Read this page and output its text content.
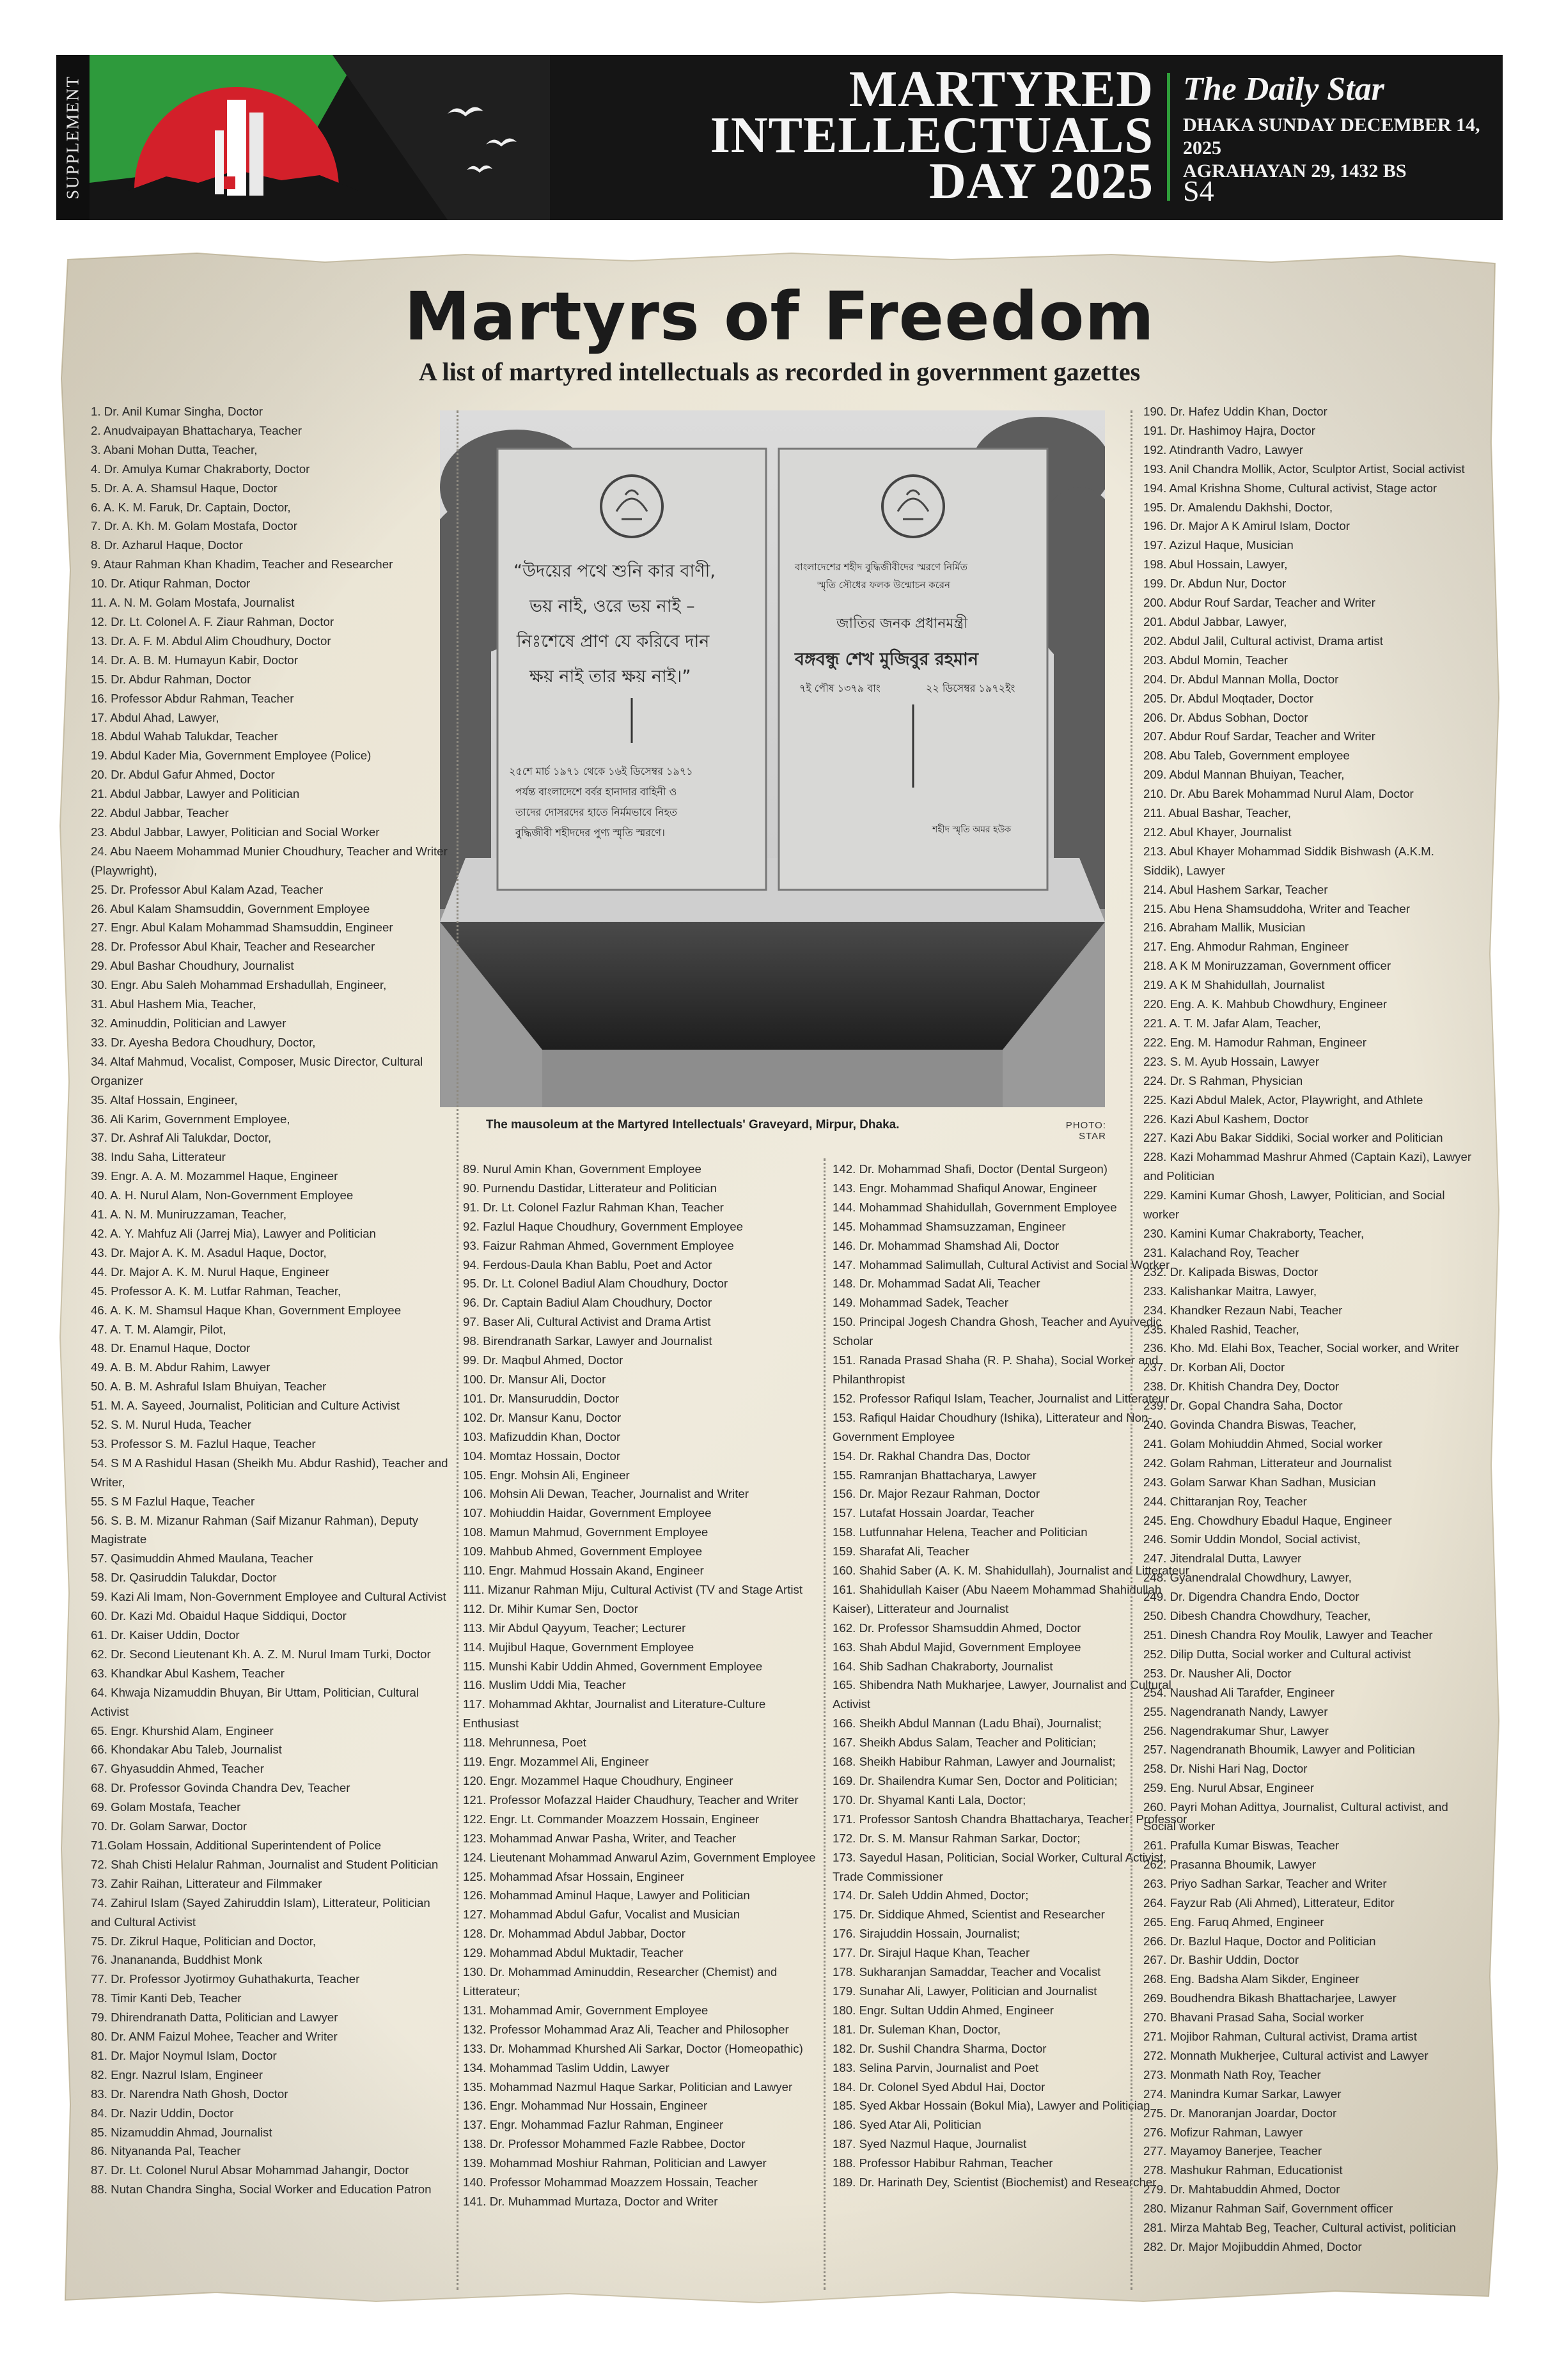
SUPPLEMENT	MARTYRED
INTELLECTUALS
DAY 2025
The Daily Star
DHAKA SUNDAY DECEMBER 14, 2025
AGRAHAYAN 29, 1432 BS
S4
Martyrs of Freedom
A list of martyred intellectuals as recorded in government gazettes
“উদয়ের পথে শুনি কার বাণী,
ভয় নাই, ওরে ভয় নাই –
নিঃশেষে প্রাণ যে করিবে দান
ক্ষয় নাই তার ক্ষয় নাই।”
২৫শে মার্চ ১৯৭১ থেকে ১৬ই ডিসেম্বর ১৯৭১
পর্যন্ত বাংলাদেশে বর্বর হানাদার বাহিনী ও
তাদের দোসরদের হাতে নির্মমভাবে নিহত
বুদ্ধিজীবী শহীদদের পুণ্য স্মৃতি স্মরণে।
বাংলাদেশের শহীদ বুদ্ধিজীবীদের স্মরণে নির্মিত
স্মৃতি সৌধের ফলক উন্মোচন করেন
জাতির জনক প্রধানমন্ত্রী
বঙ্গবন্ধু শেখ মুজিবুর রহমান
৭ই পৌষ ১৩৭৯ বাং	২২ ডিসেম্বর ১৯৭২ইং
শহীদ স্মৃতি অমর হউক
The mausoleum at the Martyred Intellectuals' Graveyard, Mirpur, Dhaka.	PHOTO: STAR
1. Dr. Anil Kumar Singha, Doctor
2. Anudvaipayan Bhattacharya, Teacher
3. Abani Mohan Dutta, Teacher,
4. Dr. Amulya Kumar Chakraborty, Doctor
5. Dr. A. A. Shamsul Haque, Doctor
6. A. K. M. Faruk, Dr. Captain, Doctor,
7. Dr. A. Kh. M. Golam Mostafa, Doctor
8. Dr. Azharul Haque, Doctor
9. Ataur Rahman Khan Khadim, Teacher and Researcher
10. Dr. Atiqur Rahman, Doctor
11. A. N. M. Golam Mostafa, Journalist
12. Dr. Lt. Colonel A. F. Ziaur Rahman, Doctor
13. Dr. A. F. M. Abdul Alim Choudhury, Doctor
14. Dr. A. B. M. Humayun Kabir, Doctor
15. Dr. Abdur Rahman, Doctor
16. Professor Abdur Rahman, Teacher
17. Abdul Ahad, Lawyer,
18. Abdul Wahab Talukdar, Teacher
19. Abdul Kader Mia, Government Employee (Police)
20. Dr. Abdul Gafur Ahmed, Doctor
21. Abdul Jabbar, Lawyer and Politician
22. Abdul Jabbar, Teacher
23. Abdul Jabbar, Lawyer, Politician and Social Worker
24. Abu Naeem Mohammad Munier Choudhury, Teacher and Writer (Playwright),
25. Dr. Professor Abul Kalam Azad, Teacher
26. Abul Kalam Shamsuddin, Government Employee
27. Engr. Abul Kalam Mohammad Shamsuddin, Engineer
28. Dr. Professor Abul Khair, Teacher and Researcher
29. Abul Bashar Choudhury, Journalist
30. Engr. Abu Saleh Mohammad Ershadullah, Engineer,
31. Abul Hashem Mia, Teacher,
32. Aminuddin, Politician and Lawyer
33. Dr. Ayesha Bedora Choudhury, Doctor,
34. Altaf Mahmud, Vocalist, Composer, Music Director, Cultural Organizer
35. Altaf Hossain, Engineer,
36. Ali Karim, Government Employee,
37. Dr. Ashraf Ali Talukdar, Doctor,
38. Indu Saha, Litterateur
39. Engr. A. A. M. Mozammel Haque, Engineer
40. A. H. Nurul Alam, Non-Government Employee
41. A. N. M. Muniruzzaman, Teacher,
42. A. Y. Mahfuz Ali (Jarrej Mia), Lawyer and Politician
43. Dr. Major A. K. M. Asadul Haque, Doctor,
44. Dr. Major A. K. M. Nurul Haque, Engineer
45. Professor A. K. M. Lutfar Rahman, Teacher,
46. A. K. M. Shamsul Haque Khan, Government Employee
47. A. T. M. Alamgir, Pilot,
48. Dr. Enamul Haque, Doctor
49. A. B. M. Abdur Rahim, Lawyer
50. A. B. M. Ashraful Islam Bhuiyan, Teacher
51. M. A. Sayeed, Journalist, Politician and Culture Activist
52. S. M. Nurul Huda, Teacher
53. Professor S. M. Fazlul Haque, Teacher
54. S M A Rashidul Hasan (Sheikh Mu. Abdur Rashid), Teacher and Writer,
55. S M Fazlul Haque, Teacher
56. S. B. M. Mizanur Rahman (Saif Mizanur Rahman), Deputy Magistrate
57. Qasimuddin Ahmed Maulana, Teacher
58. Dr. Qasiruddin Talukdar, Doctor
59. Kazi Ali Imam, Non-Government Employee and Cultural Activist
60. Dr. Kazi Md. Obaidul Haque Siddiqui, Doctor
61. Dr. Kaiser Uddin, Doctor
62. Dr. Second Lieutenant Kh. A. Z. M. Nurul Imam Turki, Doctor
63. Khandkar Abul Kashem, Teacher
64. Khwaja Nizamuddin Bhuyan, Bir Uttam, Politician, Cultural Activist
65. Engr. Khurshid Alam, Engineer
66. Khondakar Abu Taleb, Journalist
67. Ghyasuddin Ahmed, Teacher
68. Dr. Professor Govinda Chandra Dev, Teacher
69. Golam Mostafa, Teacher
70. Dr. Golam Sarwar, Doctor
71.Golam Hossain, Additional Superintendent of Police
72. Shah Chisti Helalur Rahman, Journalist and Student Politician
73. Zahir Raihan, Litterateur and Filmmaker
74. Zahirul Islam (Sayed Zahiruddin Islam), Litterateur, Politician and Cultural Activist
75. Dr. Zikrul Haque, Politician and Doctor,
76. Jnanananda, Buddhist Monk
77. Dr. Professor Jyotirmoy Guhathakurta, Teacher
78. Timir Kanti Deb, Teacher
79. Dhirendranath Datta, Politician and Lawyer
80. Dr. ANM Faizul Mohee, Teacher and Writer
81. Dr. Major Noymul Islam, Doctor
82. Engr. Nazrul Islam, Engineer
83. Dr. Narendra Nath Ghosh, Doctor
84. Dr. Nazir Uddin, Doctor
85. Nizamuddin Ahmad, Journalist
86. Nityananda Pal, Teacher
87. Dr. Lt. Colonel Nurul Absar Mohammad Jahangir, Doctor
88. Nutan Chandra Singha, Social Worker and Education Patron
89. Nurul Amin Khan, Government Employee
90. Purnendu Dastidar, Litterateur and Politician
91. Dr. Lt. Colonel Fazlur Rahman Khan, Teacher
92. Fazlul Haque Choudhury, Government Employee
93. Faizur Rahman Ahmed, Government Employee
94. Ferdous-Daula Khan Bablu, Poet and Actor
95. Dr. Lt. Colonel Badiul Alam Choudhury, Doctor
96. Dr. Captain Badiul Alam Choudhury, Doctor
97. Baser Ali, Cultural Activist and Drama Artist
98. Birendranath Sarkar, Lawyer and Journalist
99. Dr. Maqbul Ahmed, Doctor
100. Dr. Mansur Ali, Doctor
101. Dr. Mansuruddin, Doctor
102. Dr. Mansur Kanu, Doctor
103. Mafizuddin Khan, Doctor
104. Momtaz Hossain, Doctor
105. Engr. Mohsin Ali, Engineer
106. Mohsin Ali Dewan, Teacher, Journalist and Writer
107. Mohiuddin Haidar, Government Employee
108. Mamun Mahmud, Government Employee
109. Mahbub Ahmed, Government Employee
110. Engr. Mahmud Hossain Akand, Engineer
111. Mizanur Rahman Miju, Cultural Activist (TV and Stage Artist
112. Dr. Mihir Kumar Sen, Doctor
113. Mir Abdul Qayyum, Teacher; Lecturer
114. Mujibul Haque, Government Employee
115. Munshi Kabir Uddin Ahmed, Government Employee
116. Muslim Uddi Mia, Teacher
117. Mohammad Akhtar, Journalist and Literature-Culture Enthusiast
118. Mehrunnesa, Poet
119. Engr. Mozammel Ali, Engineer
120. Engr. Mozammel Haque Choudhury, Engineer
121. Professor Mofazzal Haider Chaudhury, Teacher and Writer
122. Engr. Lt. Commander Moazzem Hossain, Engineer
123. Mohammad Anwar Pasha, Writer, and Teacher
124. Lieutenant Mohammad Anwarul Azim, Government Employee
125. Mohammad Afsar Hossain, Engineer
126. Mohammad Aminul Haque, Lawyer and Politician
127. Mohammad Abdul Gafur, Vocalist and Musician
128. Dr. Mohammad Abdul Jabbar, Doctor
129. Mohammad Abdul Muktadir, Teacher
130. Dr. Mohammad Aminuddin, Researcher (Chemist) and Litterateur;
131. Mohammad Amir, Government Employee
132. Professor Mohammad Araz Ali, Teacher and Philosopher
133. Dr. Mohammad Khurshed Ali Sarkar, Doctor (Homeopathic)
134. Mohammad Taslim Uddin, Lawyer
135. Mohammad Nazmul Haque Sarkar, Politician and Lawyer
136. Engr. Mohammad Nur Hossain, Engineer
137. Engr. Mohammad Fazlur Rahman, Engineer
138. Dr. Professor Mohammed Fazle Rabbee, Doctor
139. Mohammad Moshiur Rahman, Politician and Lawyer
140. Professor Mohammad Moazzem Hossain, Teacher
141. Dr. Muhammad Murtaza, Doctor and Writer
142. Dr. Mohammad Shafi, Doctor (Dental Surgeon)
143. Engr. Mohammad Shafiqul Anowar, Engineer
144. Mohammad Shahidullah, Government Employee
145. Mohammad Shamsuzzaman, Engineer
146. Dr. Mohammad Shamshad Ali, Doctor
147. Mohammad Salimullah, Cultural Activist and Social Worker
148. Dr. Mohammad Sadat Ali, Teacher
149. Mohammad Sadek, Teacher
150. Principal Jogesh Chandra Ghosh, Teacher and Ayurvedic Scholar
151. Ranada Prasad Shaha (R. P. Shaha), Social Worker and Philanthropist
152. Professor Rafiqul Islam, Teacher, Journalist and Litterateur
153. Rafiqul Haidar Choudhury (Ishika), Litterateur and Non-Government Employee
154. Dr. Rakhal Chandra Das, Doctor
155. Ramranjan Bhattacharya, Lawyer
156. Dr. Major Rezaur Rahman, Doctor
157. Lutafat Hossain Joardar, Teacher
158. Lutfunnahar Helena, Teacher and Politician
159. Sharafat Ali, Teacher
160. Shahid Saber (A. K. M. Shahidullah), Journalist and Litterateur
161. Shahidullah Kaiser (Abu Naeem Mohammad Shahidullah Kaiser), Litterateur and Journalist
162. Dr. Professor Shamsuddin Ahmed, Doctor
163. Shah Abdul Majid, Government Employee
164. Shib Sadhan Chakraborty, Journalist
165. Shibendra Nath Mukharjee, Lawyer, Journalist and Cultural Activist
166. Sheikh Abdul Mannan (Ladu Bhai), Journalist;
167. Sheikh Abdus Salam, Teacher and Politician;
168. Sheikh Habibur Rahman, Lawyer and Journalist;
169. Dr. Shailendra Kumar Sen, Doctor and Politician;
170. Dr. Shyamal Kanti Lala, Doctor;
171. Professor Santosh Chandra Bhattacharya, Teacher; Professor
172. Dr. S. M. Mansur Rahman Sarkar, Doctor;
173. Sayedul Hasan, Politician, Social Worker, Cultural Activist, Trade Commissioner
174. Dr. Saleh Uddin Ahmed, Doctor;
175. Dr. Siddique Ahmed, Scientist and Researcher
176. Sirajuddin Hossain, Journalist;
177. Dr. Sirajul Haque Khan, Teacher
178. Sukharanjan Samaddar, Teacher and Vocalist
179. Sunahar Ali, Lawyer, Politician and Journalist
180. Engr. Sultan Uddin Ahmed, Engineer
181. Dr. Suleman Khan, Doctor,
182. Dr. Sushil Chandra Sharma, Doctor
183. Selina Parvin, Journalist and Poet
184. Dr. Colonel Syed Abdul Hai, Doctor
185. Syed Akbar Hossain (Bokul Mia), Lawyer and Politician
186. Syed Atar Ali, Politician
187. Syed Nazmul Haque, Journalist
188. Professor Habibur Rahman, Teacher
189. Dr. Harinath Dey, Scientist (Biochemist) and Researcher
190. Dr. Hafez Uddin Khan, Doctor
191. Dr. Hashimoy Hajra, Doctor
192. Atindranth Vadro, Lawyer
193. Anil Chandra Mollik, Actor, Sculptor Artist, Social activist
194. Amal Krishna Shome, Cultural activist, Stage actor
195. Dr. Amalendu Dakhshi, Doctor,
196. Dr. Major A K Amirul Islam, Doctor
197. Azizul Haque, Musician
198. Abul Hossain, Lawyer,
199. Dr. Abdun Nur, Doctor
200. Abdur Rouf Sardar, Teacher and Writer
201. Abdul Jabbar, Lawyer,
202. Abdul Jalil, Cultural activist, Drama artist
203. Abdul Momin, Teacher
204. Dr. Abdul Mannan Molla, Doctor
205. Dr. Abdul Moqtader, Doctor
206. Dr. Abdus Sobhan, Doctor
207. Abdur Rouf Sardar, Teacher and Writer
208. Abu Taleb, Government employee
209. Abdul Mannan Bhuiyan, Teacher,
210. Dr. Abu Barek Mohammad Nurul Alam, Doctor
211. Abual Bashar, Teacher,
212. Abul Khayer, Journalist
213. Abul Khayer Mohammad Siddik Bishwash (A.K.M. Siddik), Lawyer
214. Abul Hashem Sarkar, Teacher
215. Abu Hena Shamsuddoha, Writer and Teacher
216. Abraham Mallik, Musician
217. Eng. Ahmodur Rahman, Engineer
218. A K M Moniruzzaman, Government officer
219. A K M Shahidullah, Journalist
220. Eng. A. K. Mahbub Chowdhury, Engineer
221. A. T. M. Jafar Alam, Teacher,
222. Eng. M. Hamodur Rahman, Engineer
223. S. M. Ayub Hossain, Lawyer
224. Dr. S Rahman, Physician
225. Kazi Abdul Malek, Actor, Playwright, and Athlete
226. Kazi Abul Kashem, Doctor
227. Kazi Abu Bakar Siddiki, Social worker and Politician
228. Kazi Mohammad Mashrur Ahmed (Captain Kazi), Lawyer and Politician
229. Kamini Kumar Ghosh, Lawyer, Politician, and Social worker
230. Kamini Kumar Chakraborty, Teacher,
231. Kalachand Roy, Teacher
232. Dr. Kalipada Biswas, Doctor
233. Kalishankar Maitra, Lawyer,
234. Khandker Rezaun Nabi, Teacher
235. Khaled Rashid, Teacher,
236. Kho. Md. Elahi Box, Teacher, Social worker, and Writer
237. Dr. Korban Ali, Doctor
238. Dr. Khitish Chandra Dey, Doctor
239. Dr. Gopal Chandra Saha, Doctor
240. Govinda Chandra Biswas, Teacher,
241. Golam Mohiuddin Ahmed, Social worker
242. Golam Rahman, Litterateur and Journalist
243. Golam Sarwar Khan Sadhan, Musician
244. Chittaranjan Roy, Teacher
245. Eng. Chowdhury Ebadul Haque, Engineer
246. Somir Uddin Mondol, Social activist,
247. Jitendralal Dutta, Lawyer
248. Gyanendralal Chowdhury, Lawyer,
249. Dr. Digendra Chandra Endo, Doctor
250. Dibesh Chandra Chowdhury, Teacher,
251. Dinesh Chandra Roy Moulik, Lawyer and Teacher
252. Dilip Dutta, Social worker and Cultural activist
253. Dr. Nausher Ali, Doctor
254. Naushad Ali Tarafder, Engineer
255. Nagendranath Nandy, Lawyer
256. Nagendrakumar Shur, Lawyer
257. Nagendranath Bhoumik, Lawyer and Politician
258. Dr. Nishi Hari Nag, Doctor
259. Eng. Nurul Absar, Engineer
260. Payri Mohan Adittya, Journalist, Cultural activist, and Social worker
261. Prafulla Kumar Biswas, Teacher
262. Prasanna Bhoumik, Lawyer
263. Priyo Sadhan Sarkar, Teacher and Writer
264. Fayzur Rab (Ali Ahmed), Litterateur, Editor
265. Eng. Faruq Ahmed, Engineer
266. Dr. Bazlul Haque, Doctor and Politician
267. Dr. Bashir Uddin, Doctor
268. Eng. Badsha Alam Sikder, Engineer
269. Boudhendra Bikash Bhattacharjee, Lawyer
270. Bhavani Prasad Saha, Social worker
271. Mojibor Rahman, Cultural activist, Drama artist
272. Monnath Mukherjee, Cultural activist and Lawyer
273. Monmath Nath Roy, Teacher
274. Manindra Kumar Sarkar, Lawyer
275. Dr. Manoranjan Joardar, Doctor
276. Mofizur Rahman, Lawyer
277. Mayamoy Banerjee, Teacher
278. Mashukur Rahman, Educationist
279. Dr. Mahtabuddin Ahmed, Doctor
280. Mizanur Rahman Saif, Government officer
281. Mirza Mahtab Beg, Teacher, Cultural activist, politician
282. Dr. Major Mojibuddin Ahmed, Doctor
